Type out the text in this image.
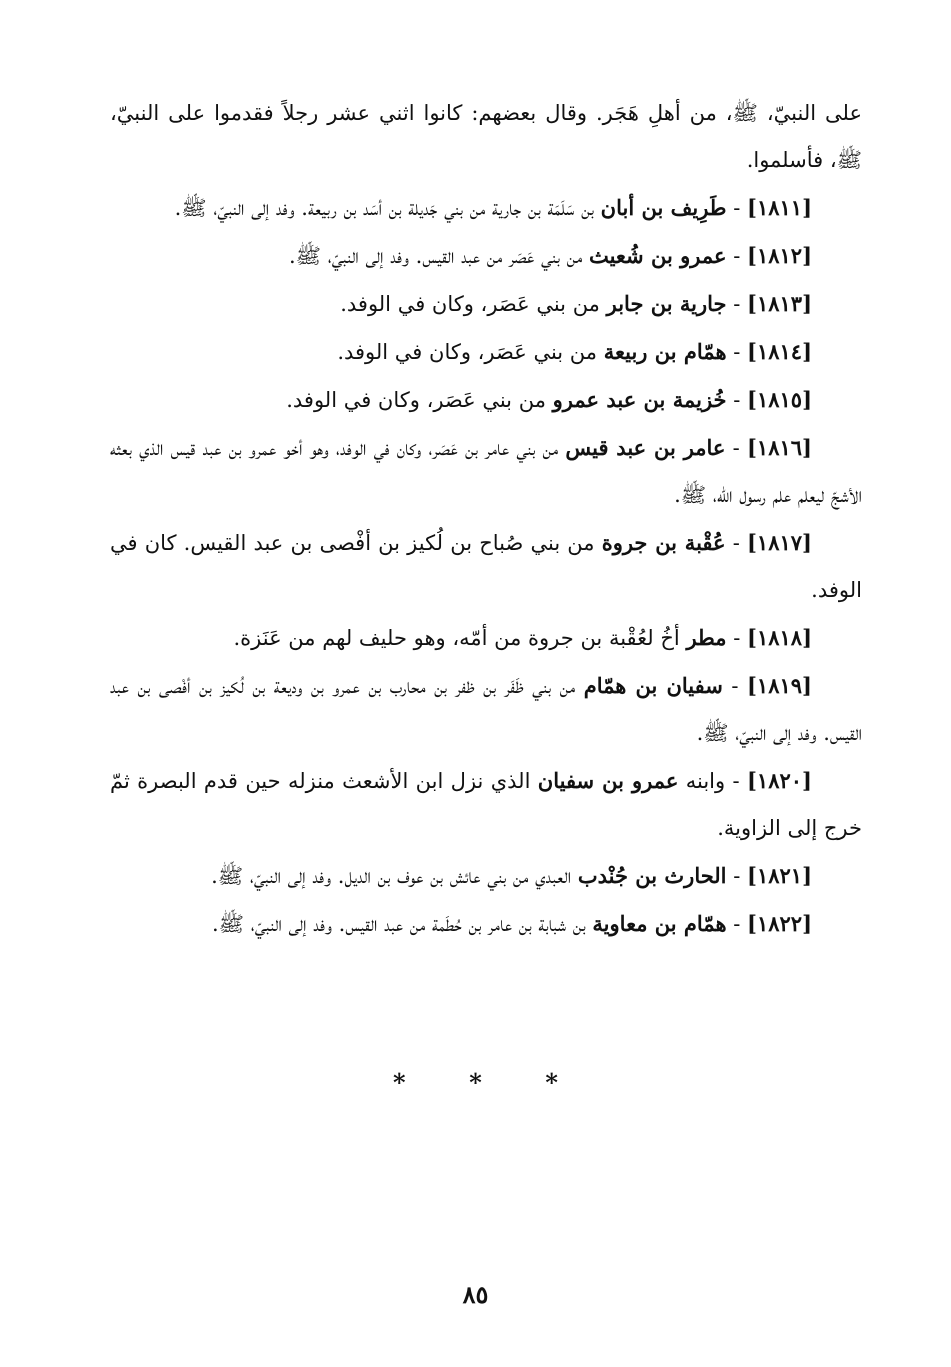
على النبيّ، ﷺ، من أهلِ هَجَر. وقال بعضهم: كانوا اثني عشر رجلاً فقدموا على النبيّ، ﷺ، فأسلموا.

[١٨١١] - طَرِيف بن أبان بن سَلَمَة بن جارية من بني جَديلة بن أسَد بن ربيعة. وفد إلى النبيّ، ﷺ.

[١٨١٢] - عمرو بن شُعيث من بني عَصَر من عبد القيس. وفد إلى النبيّ، ﷺ.

[١٨١٣] - جارية بن جابر من بني عَصَر، وكان في الوفد.

[١٨١٤] - همّام بن ربيعة من بني عَصَر، وكان في الوفد.

[١٨١٥] - خُزيمة بن عبد عمرو من بني عَصَر، وكان في الوفد.

[١٨١٦] - عامر بن عبد قيس من بني عامر بن عَصَر، وكان في الوفد، وهو أخو عمرو بن عبد قيس الذي بعثه الأشجّ ليعلم علم رسول الله، ﷺ.

[١٨١٧] - عُقْبة بن جروة من بني صُباح بن لُكيز بن أفْصى بن عبد القيس. كان في الوفد.

[١٨١٨] - مطر أخُ لعُقْبة بن جروة من أمّه، وهو حليف لهم من عَنَزة.

[١٨١٩] - سفيان بن همّام من بني ظَفَر بن ظفر بن محارب بن عمرو بن وديعة بن لُكيز بن أفْصى بن عبد القيس. وفد إلى النبيّ، ﷺ.

[١٨٢٠] - وابنه عمرو بن سفيان الذي نزل ابن الأشعث منزله حين قدم البصرة ثمّ خرج إلى الزاوية.

[١٨٢١] - الحارث بن جُنْدب العبدي من بني عائش بن عوف بن الديل. وفد إلى النبيّ، ﷺ.

[١٨٢٢] - همّام بن معاوية بن شبابة بن عامر بن حُطَمة من عبد القيس. وفد إلى النبيّ، ﷺ.

*	*	*
٨٥
